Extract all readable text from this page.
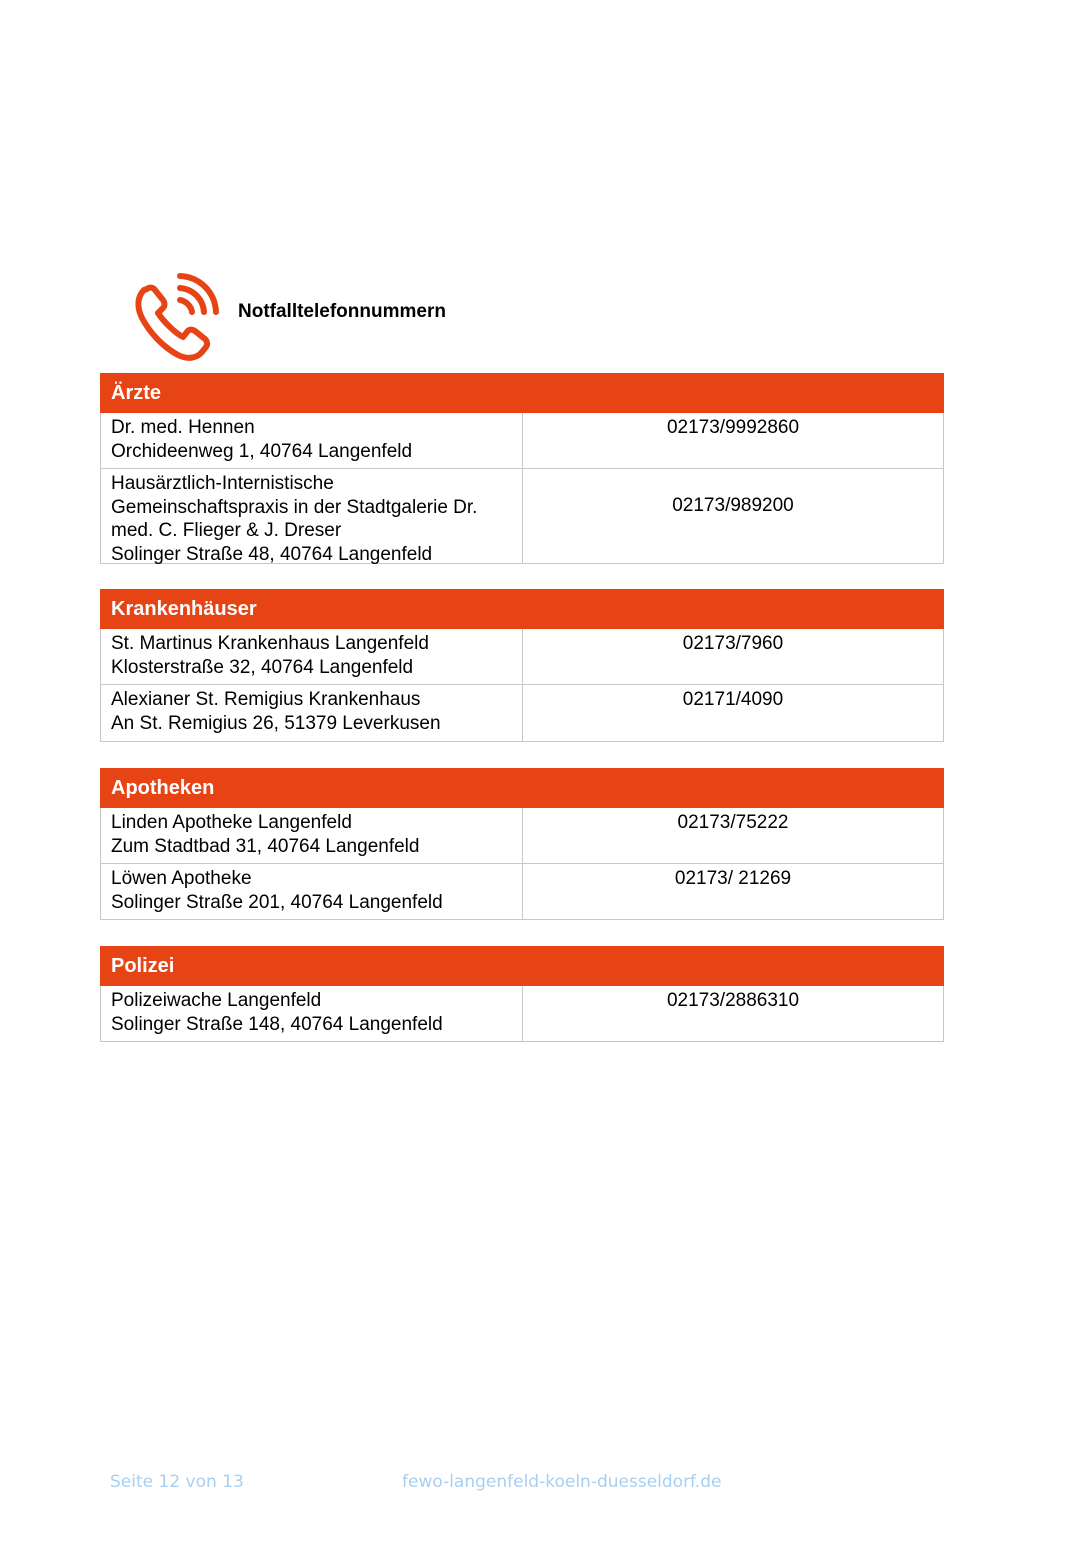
Notfalltelefonnummern
Ärzte
Dr. med. Hennen
Orchideenweg 1, 40764 Langenfeld
02173/9992860
Hausärztlich-Internistische
Gemeinschaftspraxis in der Stadtgalerie Dr.
med. C. Flieger & J. Dreser
Solinger Straße 48, 40764 Langenfeld
02173/989200
Krankenhäuser
St. Martinus Krankenhaus Langenfeld
Klosterstraße 32, 40764 Langenfeld
02173/7960
Alexianer St. Remigius Krankenhaus
An St. Remigius 26, 51379 Leverkusen
02171/4090
Apotheken
Linden Apotheke Langenfeld
Zum Stadtbad 31, 40764 Langenfeld
02173/75222
Löwen Apotheke
Solinger Straße 201, 40764 Langenfeld
02173/ 21269
Polizei
Polizeiwache Langenfeld
Solinger Straße 148, 40764 Langenfeld
02173/2886310
Seite 12 von 13	fewo-langenfeld-koeln-duesseldorf.de
